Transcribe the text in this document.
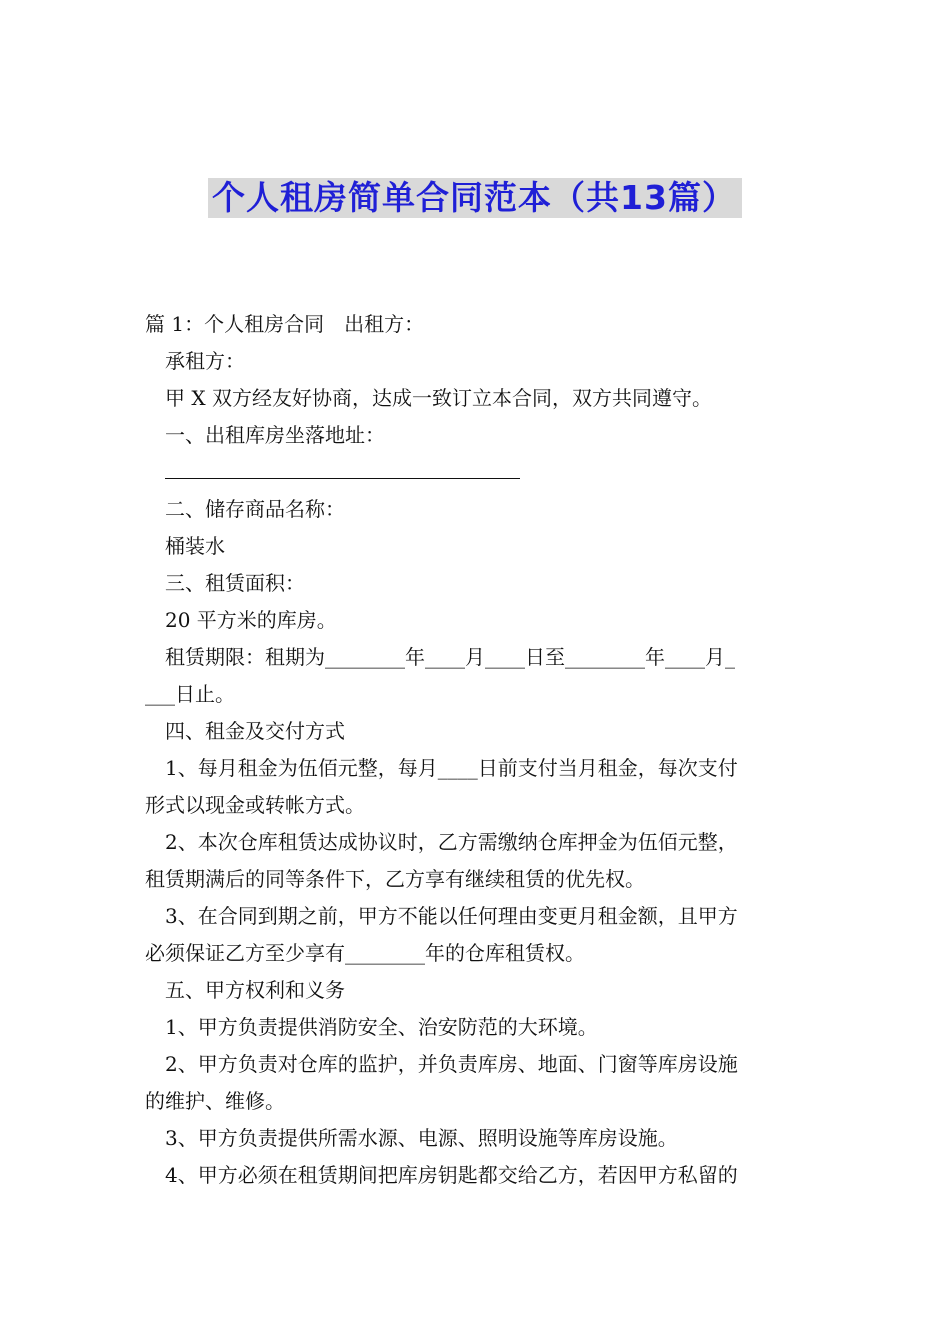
个人租房简单合同范本（共13篇）
篇 1：个人租房合同　出租方：
承租方：
甲 X 双方经友好协商，达成一致订立本合同，双方共同遵守。
一、出租库房坐落地址：
二、储存商品名称：
桶装水
三、租赁面积：
20 平方米的库房。
租赁期限：租期为________年____月____日至________年____月_
___日止。
四、租金及交付方式
1、每月租金为伍佰元整，每月____日前支付当月租金，每次支付
形式以现金或转帐方式。
2、本次仓库租赁达成协议时，乙方需缴纳仓库押金为伍佰元整，
租赁期满后的同等条件下，乙方享有继续租赁的优先权。
3、在合同到期之前，甲方不能以任何理由变更月租金额，且甲方
必须保证乙方至少享有________年的仓库租赁权。
五、甲方权利和义务
1、甲方负责提供消防安全、治安防范的大环境。
2、甲方负责对仓库的监护，并负责库房、地面、门窗等库房设施
的维护、维修。
3、甲方负责提供所需水源、电源、照明设施等库房设施。
4、甲方必须在租赁期间把库房钥匙都交给乙方，若因甲方私留的
